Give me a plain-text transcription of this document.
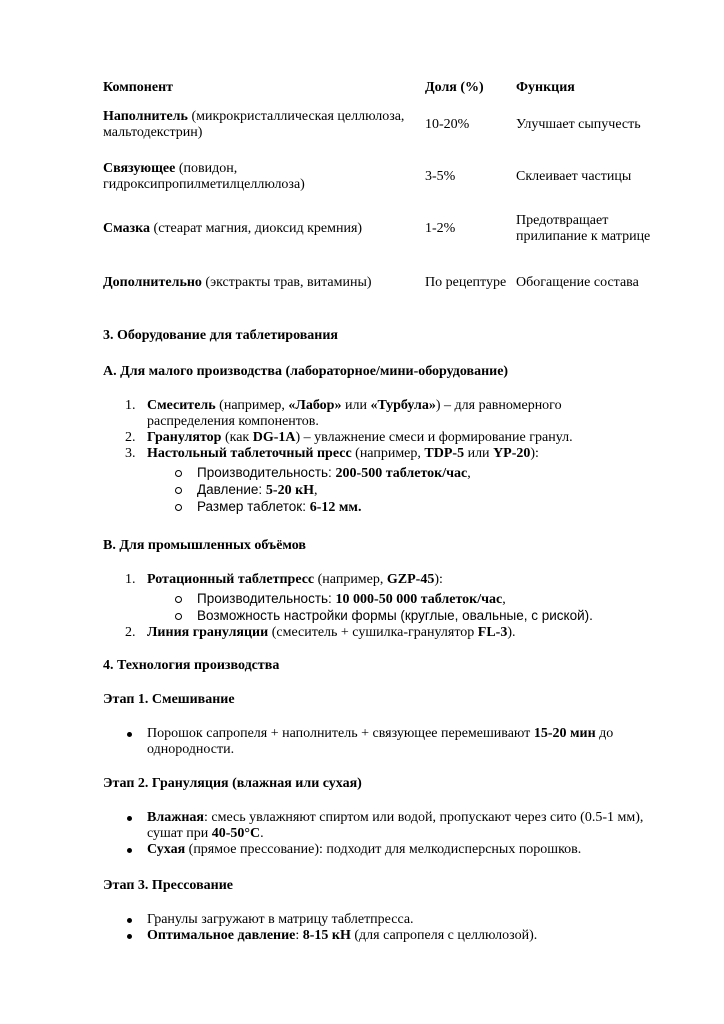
Компонент	Доля (%)	Функция
Наполнитель (микрокристаллическая целлюлоза, мальтодекстрин)	10-20%	Улучшает сыпучесть
Связующее (повидон, гидроксипропилметилцеллюлоза)	3-5%	Склеивает частицы
Смазка (стеарат магния, диоксид кремния)	1-2%	Предотвращает прилипание к матрице
Дополнительно (экстракты трав, витамины)	По рецептуре	Обогащение состава
3. Оборудование для таблетирования
A. Для малого производства (лабораторное/мини-оборудование)
1. Смеситель (например, «Лабор» или «Турбула») – для равномерного распределения компонентов.
2. Гранулятор (как DG-1A) – увлажнение смеси и формирование гранул.
3. Настольный таблеточный пресс (например, TDP-5 или YP-20):
Производительность: 200-500 таблеток/час,
Давление: 5-20 кН,
Размер таблеток: 6-12 мм.
B. Для промышленных объёмов
1. Ротационный таблетпресс (например, GZP-45):
Производительность: 10 000-50 000 таблеток/час,
Возможность настройки формы (круглые, овальные, с риской).
2. Линия грануляции (смеситель + сушилка-гранулятор FL-3).
4. Технология производства
Этап 1. Смешивание
Порошок сапропеля + наполнитель + связующее перемешивают 15-20 мин до однородности.
Этап 2. Грануляция (влажная или сухая)
Влажная: смесь увлажняют спиртом или водой, пропускают через сито (0.5-1 мм), сушат при 40-50°C.
Сухая (прямое прессование): подходит для мелкодисперсных порошков.
Этап 3. Прессование
Гранулы загружают в матрицу таблетпресса.
Оптимальное давление: 8-15 кН (для сапропеля с целлюлозой).
